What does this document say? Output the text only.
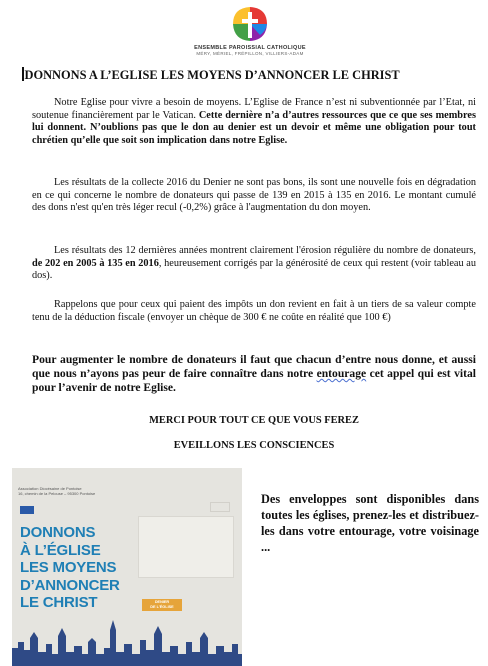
ENSEMBLE PAROISSIAL CATHOLIQUE
MÉRY, MÉRIEL, FRÉPILLON, VILLIERS-ADAM
DONNONS A L’EGLISE LES MOYENS D’ANNONCER LE CHRIST
Notre Eglise pour vivre a besoin de moyens. L’Eglise de France n’est ni subventionnée par l’Etat, ni soutenue financièrement par le Vatican. Cette dernière n’a d’autres ressources que ce que ses membres lui donnent. N’oublions pas que le don au denier est un devoir et même une obligation pour tout chrétien qu’elle que soit son implication dans notre Eglise.
Les résultats de la collecte 2016 du Denier ne sont pas bons, ils sont une nouvelle fois en dégradation en ce qui concerne le nombre de donateurs qui passe de 139 en 2015 à 135 en 2016. Le montant cumulé des dons n'est qu'en très léger recul (-0,2%) grâce à l'augmentation du don moyen.
Les résultats des 12 dernières années montrent clairement l'érosion régulière du nombre de donateurs, de 202 en 2005 à 135 en 2016, heureusement corrigés par la générosité de ceux qui restent (voir tableau au dos).
Rappelons que pour ceux qui paient des impôts un don revient en fait à un tiers de sa valeur compte tenu de la déduction fiscale (envoyer un chèque de 300 € ne coûte en réalité que 100 €)
Pour augmenter le nombre de donateurs il faut que chacun d’entre nous donne, et aussi que nous n’ayons pas peur de faire connaître dans notre entourage cet appel qui est vital pour l’avenir de notre Eglise.
MERCI POUR TOUT CE QUE VOUS FEREZ
EVEILLONS LES CONSCIENCES
Association Diocésaine de Pontoise
16, chemin de la Pelouse – 95300 Pontoise
DONNONS
À L’ÉGLISE
LES MOYENS
D’ANNONCER
LE CHRIST	DENIER
DE L’ÉGLISE
Des enveloppes sont disponibles dans toutes les églises, prenez-les et distribuez-les dans votre entourage, votre voisinage ...
